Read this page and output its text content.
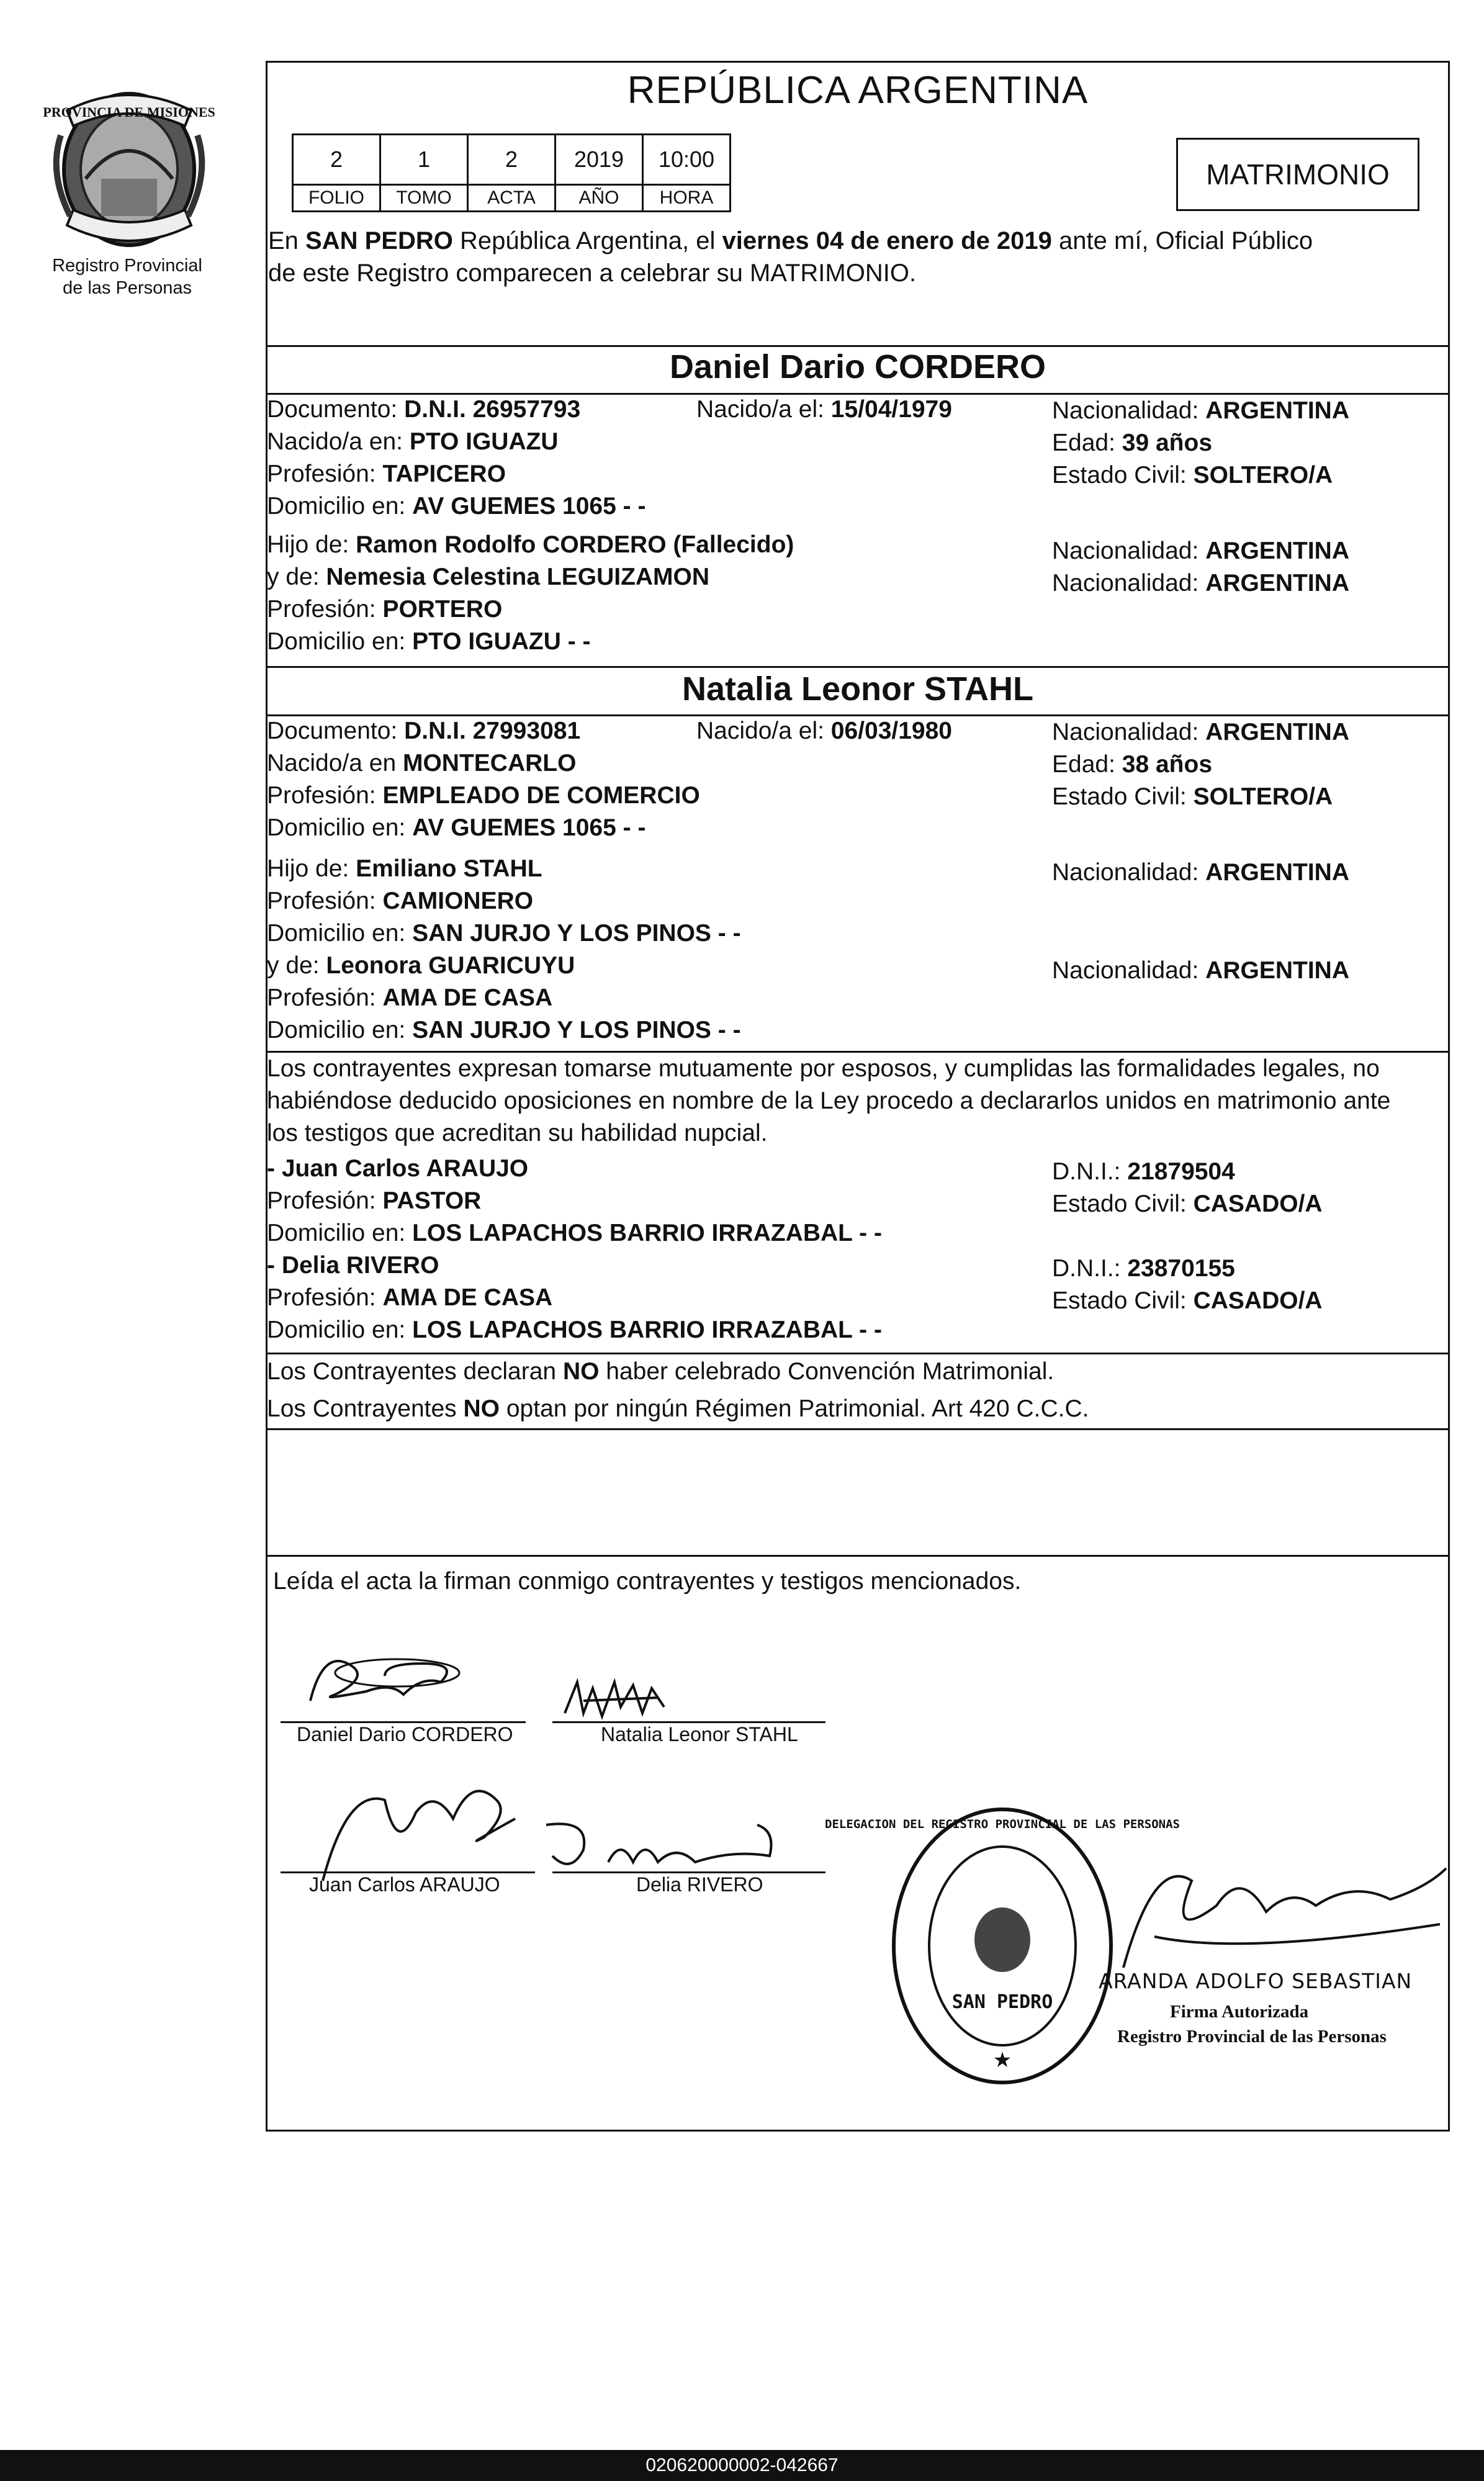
PROVINCIA DE MISIONES
Registro Provincial
de las Personas
REPÚBLICA ARGENTINA
2	1	2	2019	10:00
FOLIO	TOMO	ACTA	AÑO	HORA
MATRIMONIO
En SAN PEDRO República Argentina, el viernes 04 de enero de 2019 ante mí, Oficial Público
de este Registro comparecen a celebrar su MATRIMONIO.
Daniel Dario CORDERO
Documento: D.N.I. 26957793
Nacido/a en: PTO IGUAZU
Profesión: TAPICERO
Domicilio en: AV GUEMES 1065 - -
Hijo de: Ramon Rodolfo CORDERO (Fallecido)
y de: Nemesia Celestina LEGUIZAMON
Profesión: PORTERO
Domicilio en: PTO IGUAZU - -
Nacido/a el: 15/04/1979	Nacionalidad: ARGENTINA
Edad: 39 años
Estado Civil: SOLTERO/A
Nacionalidad: ARGENTINA
Nacionalidad: ARGENTINA
Natalia Leonor STAHL
Documento: D.N.I. 27993081
Nacido/a en MONTECARLO
Profesión: EMPLEADO DE COMERCIO
Domicilio en: AV GUEMES 1065 - -
Hijo de: Emiliano STAHL
Profesión: CAMIONERO
Domicilio en: SAN JURJO Y LOS PINOS - -
y de: Leonora GUARICUYU
Profesión: AMA DE CASA
Domicilio en: SAN JURJO Y LOS PINOS - -
Nacido/a el: 06/03/1980	Nacionalidad: ARGENTINA
Edad: 38 años
Estado Civil: SOLTERO/A
Nacionalidad: ARGENTINA
Nacionalidad: ARGENTINA
Los contrayentes expresan tomarse mutuamente por esposos, y cumplidas las formalidades legales, no
habiéndose deducido oposiciones en nombre de la Ley procedo a declararlos unidos en matrimonio ante
los testigos que acreditan su habilidad nupcial.
- Juan Carlos ARAUJO
Profesión: PASTOR
Domicilio en: LOS LAPACHOS BARRIO IRRAZABAL - -
- Delia RIVERO
Profesión: AMA DE CASA
Domicilio en: LOS LAPACHOS BARRIO IRRAZABAL - -
D.N.I.: 21879504
Estado Civil: CASADO/A
D.N.I.: 23870155
Estado Civil: CASADO/A
Los Contrayentes declaran NO haber celebrado Convención Matrimonial.
Los Contrayentes NO optan por ningún Régimen Patrimonial. Art 420 C.C.C.
Leída el acta la firman conmigo contrayentes y testigos mencionados.
Daniel Dario CORDERO	Natalia Leonor STAHL
Juan Carlos ARAUJO	Delia RIVERO
DELEGACION DEL REGISTRO PROVINCIAL DE LAS PERSONAS
SAN PEDRO
★
ARANDA ADOLFO SEBASTIAN
Firma Autorizada
Registro Provincial de las Personas
020620000002-042667
